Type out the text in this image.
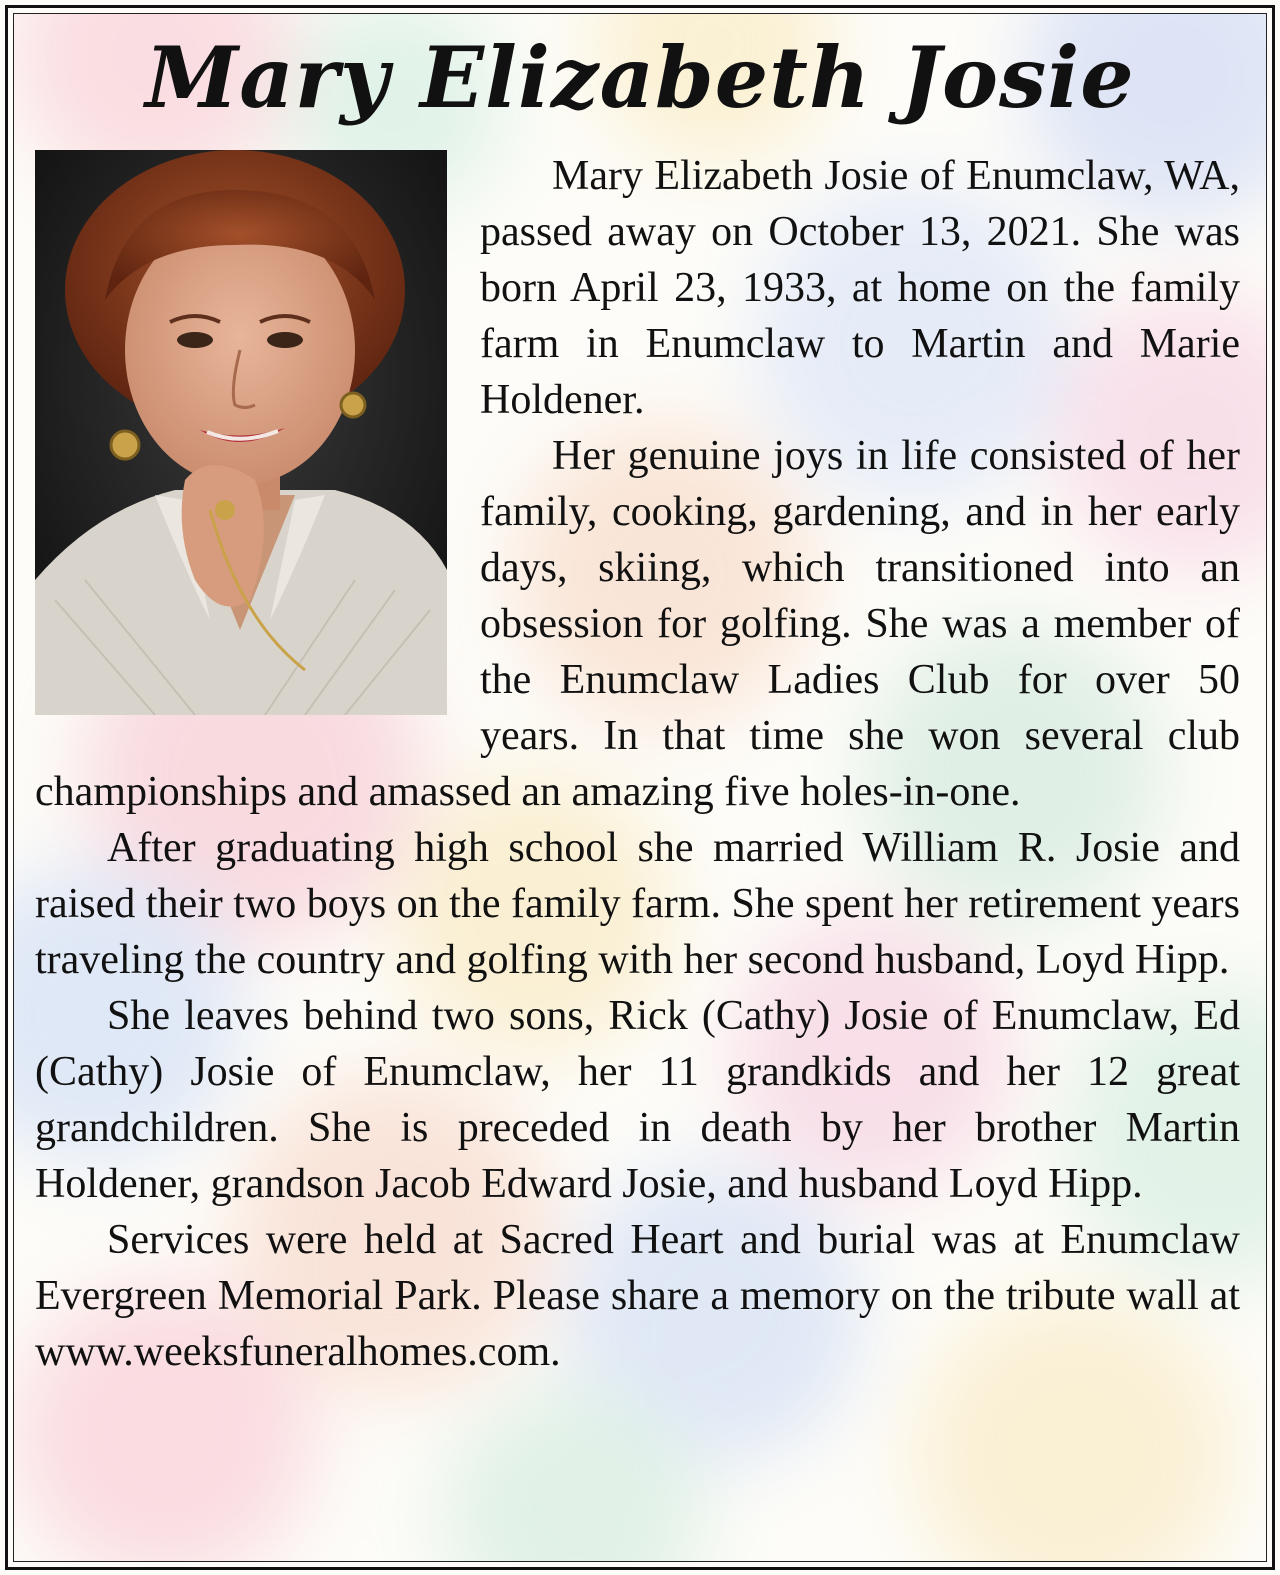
Mary Elizabeth Josie

Mary Elizabeth Josie of Enumclaw, WA, passed away on October 13, 2021. She was born April 23, 1933, at home on the family farm in Enumclaw to Martin and Marie Holdener.

Her genuine joys in life consisted of her family, cooking, gardening, and in her early days, skiing, which transitioned into an obsession for golfing. She was a member of the Enumclaw Ladies Club for over 50 years. In that time she won several club championships and amassed an amazing five holes-in-one.

After graduating high school she married William R. Josie and raised their two boys on the family farm. She spent her retirement years traveling the country and golfing with her second husband, Loyd Hipp.

She leaves behind two sons, Rick (Cathy) Josie of Enumclaw, Ed (Cathy) Josie of Enumclaw, her 11 grandkids and her 12 great grandchildren. She is preceded in death by her brother Martin Holdener, grandson Jacob Edward Josie, and husband Loyd Hipp.

Services were held at Sacred Heart and burial was at Enumclaw Evergreen Memorial Park. Please share a memory on the tribute wall at www.weeksfuneralhomes.com.
